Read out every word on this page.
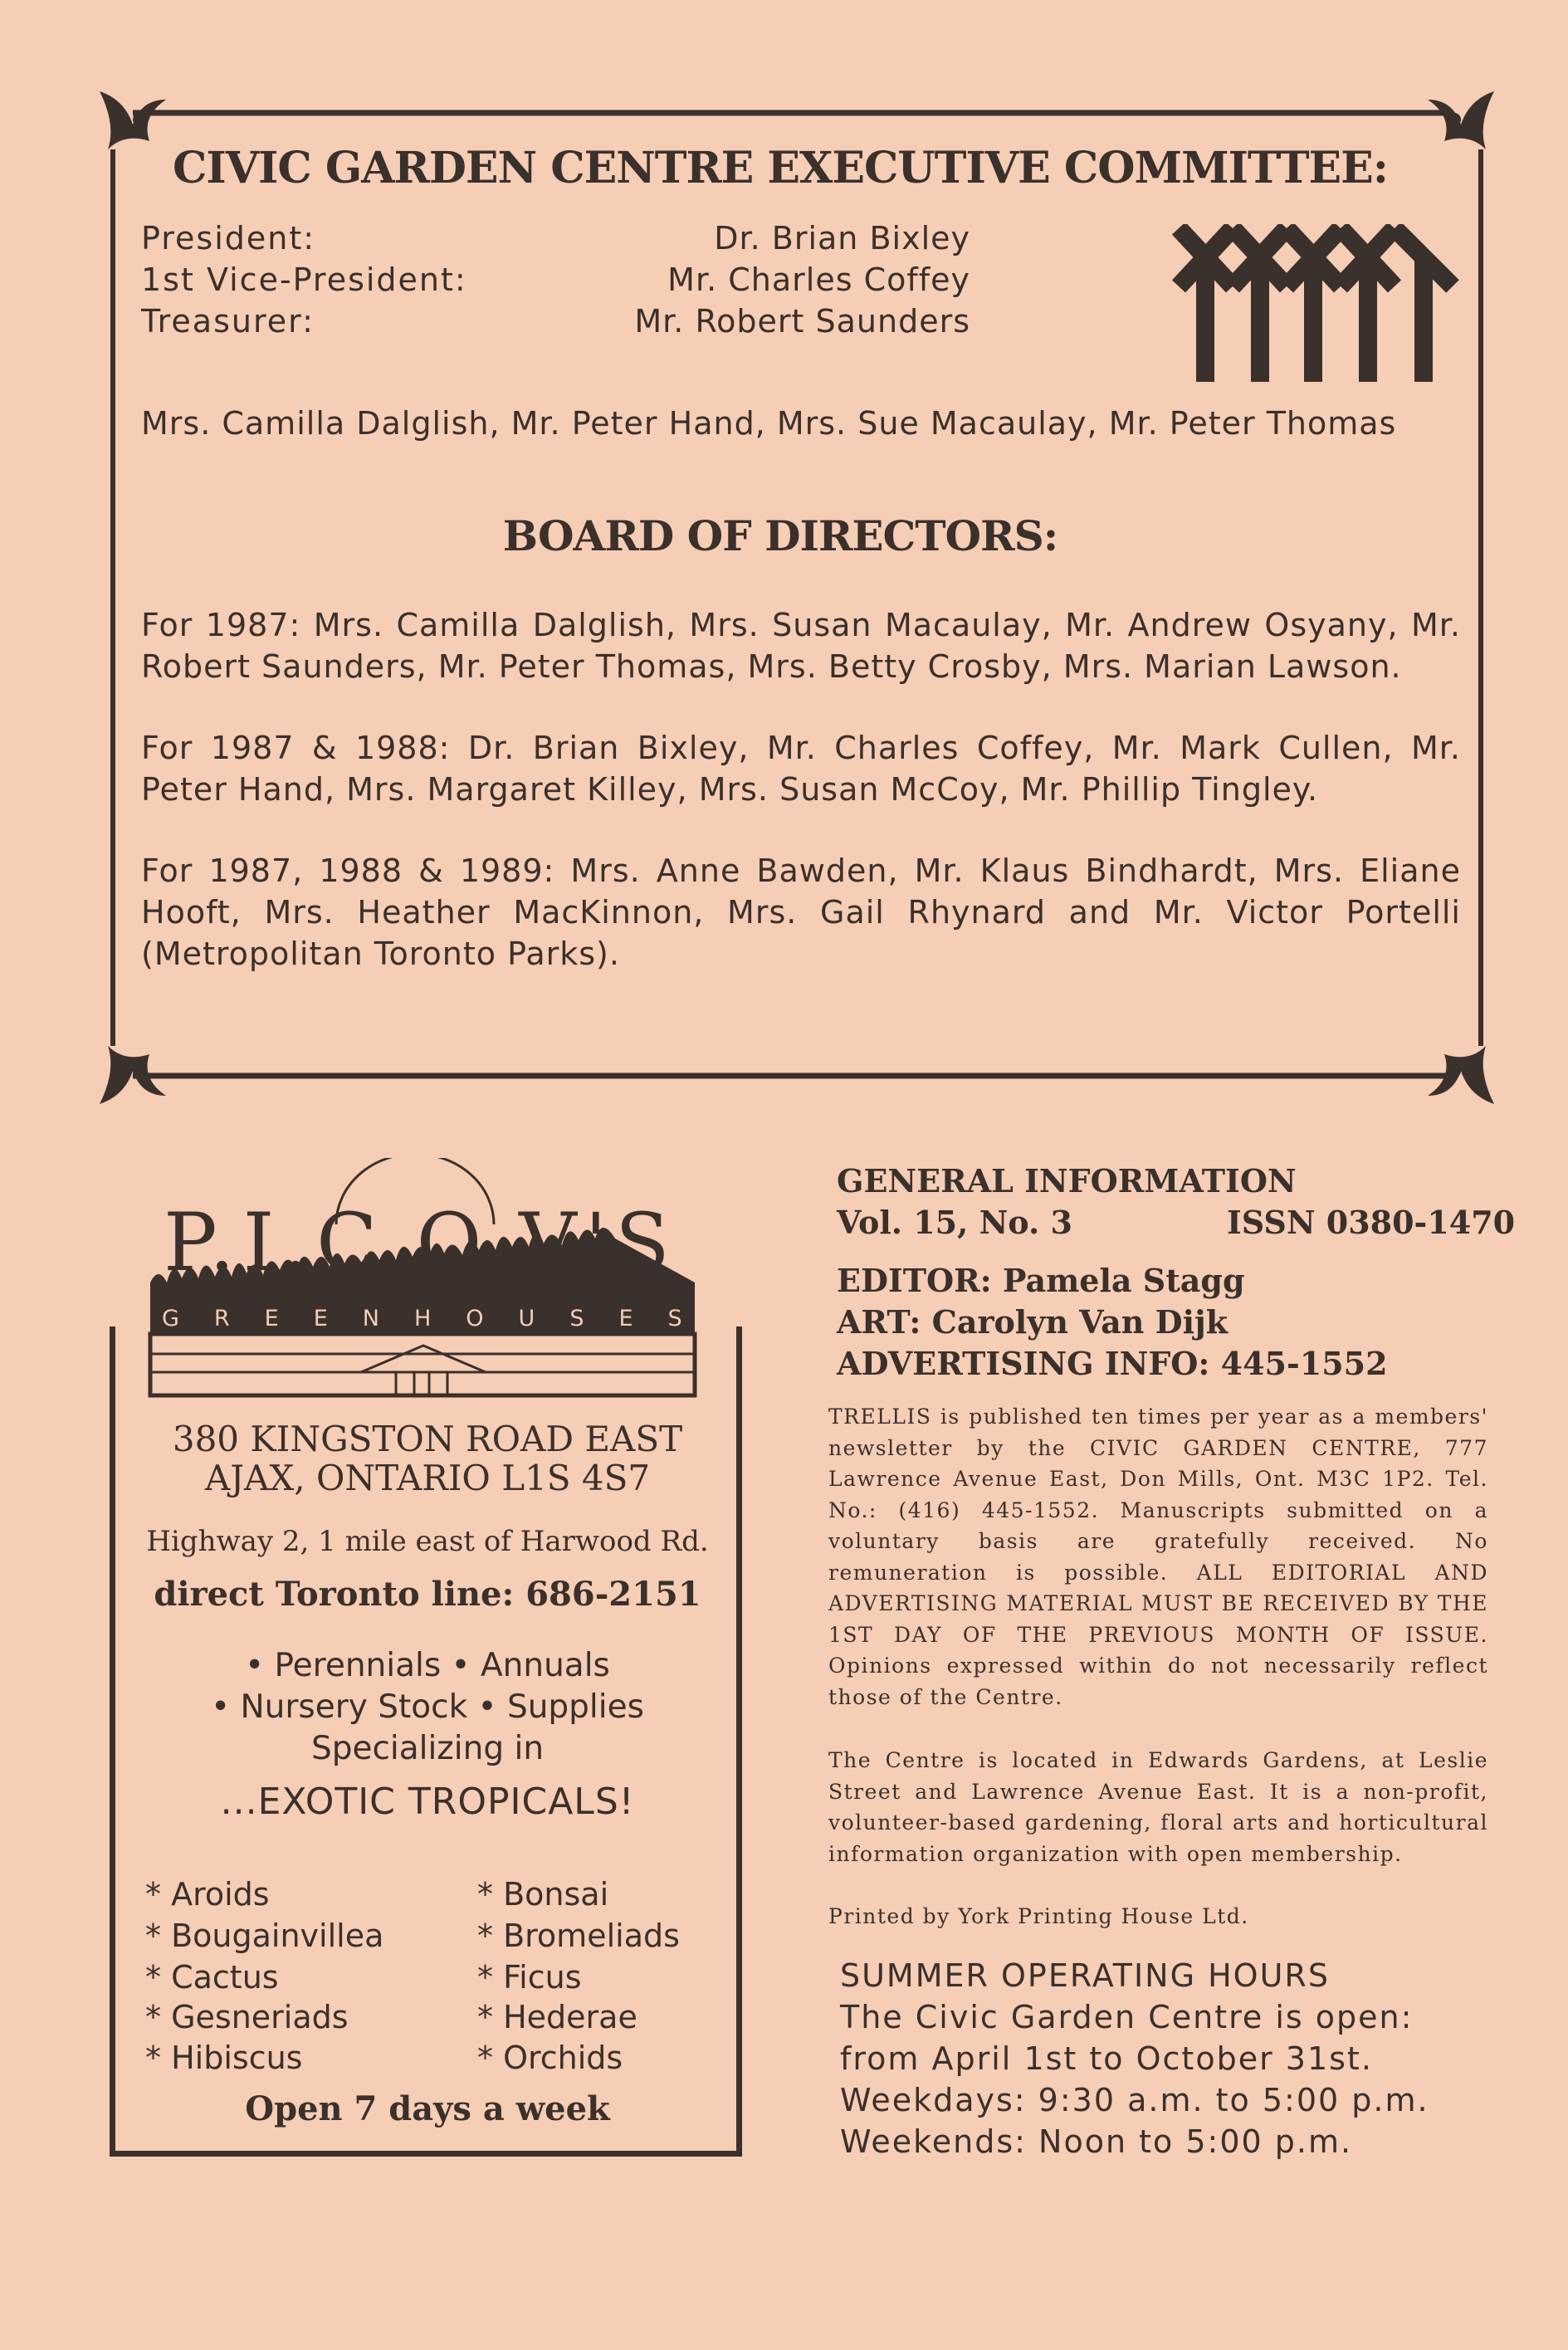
CIVIC GARDEN CENTRE EXECUTIVE COMMITTEE:
President:	Dr. Brian Bixley
1st Vice-President:	Mr. Charles Coffey
Treasurer:	Mr. Robert Saunders
Mrs. Camilla Dalglish, Mr. Peter Hand, Mrs. Sue Macaulay, Mr. Peter Thomas
BOARD OF DIRECTORS:
For 1987: Mrs. Camilla Dalglish, Mrs. Susan Macaulay, Mr. Andrew Osyany, Mr. Robert Saunders, Mr. Peter Thomas, Mrs. Betty Crosby, Mrs. Marian Lawson.
For 1987 & 1988: Dr. Brian Bixley, Mr. Charles Coffey, Mr. Mark Cullen, Mr. Peter Hand, Mrs. Margaret Killey, Mrs. Susan McCoy, Mr. Phillip Tingley.
For 1987, 1988 & 1989: Mrs. Anne Bawden, Mr. Klaus Bindhardt, Mrs. Eliane Hooft, Mrs. Heather MacKinnon, Mrs. Gail Rhynard and Mr. Victor Portelli (Metropolitan Toronto Parks).
P.I.C.O.V'S
GREENHOUSES
380 KINGSTON ROAD EAST
AJAX, ONTARIO L1S 4S7
Highway 2, 1 mile east of Harwood Rd.
direct Toronto line: 686-2151
• Perennials • Annuals
• Nursery Stock • Supplies
Specializing in
...EXOTIC TROPICALS!
* Aroids
* Bougainvillea
* Cactus
* Gesneriads
* Hibiscus
* Bonsai
* Bromeliads
* Ficus
* Hederae
* Orchids
Open 7 days a week
GENERAL INFORMATION
Vol. 15, No. 3	ISSN 0380-1470
EDITOR: Pamela Stagg
ART: Carolyn Van Dijk
ADVERTISING INFO: 445-1552
TRELLIS is published ten times per year as a members' newsletter by the CIVIC GARDEN CENTRE, 777 Lawrence Avenue East, Don Mills, Ont. M3C 1P2. Tel. No.: (416) 445-1552. Manuscripts submitted on a voluntary basis are gratefully received. No remuneration is possible. ALL EDITORIAL AND ADVERTISING MATERIAL MUST BE RECEIVED BY THE 1ST DAY OF THE PREVIOUS MONTH OF ISSUE. Opinions expressed within do not necessarily reflect those of the Centre.
The Centre is located in Edwards Gardens, at Leslie Street and Lawrence Avenue East. It is a non-profit, volunteer-based gardening, floral arts and horticultural information organization with open membership.
Printed by York Printing House Ltd.
SUMMER OPERATING HOURS
The Civic Garden Centre is open:
from April 1st to October 31st.
Weekdays: 9:30 a.m. to 5:00 p.m.
Weekends: Noon to 5:00 p.m.
